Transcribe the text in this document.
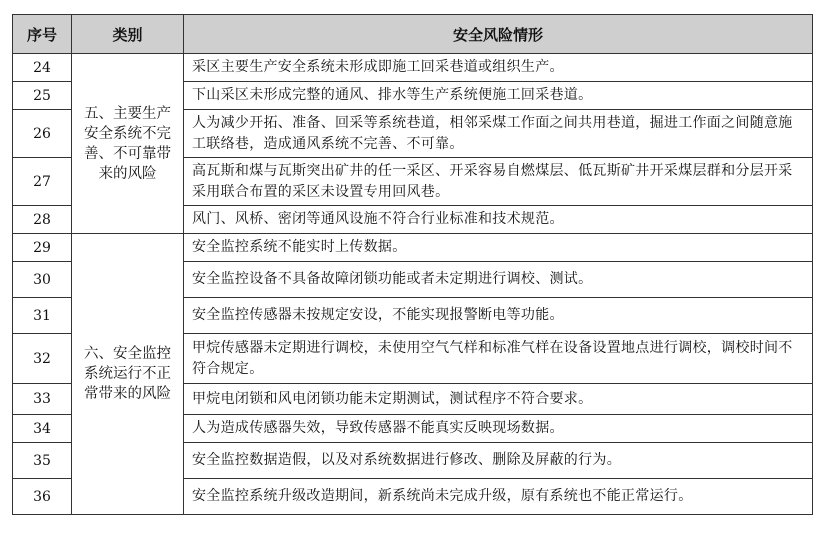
序号	类别	安全风险情形
24	五、主要生产安全系统不完善、不可靠带来的风险	采区主要生产安全系统未形成即施工回采巷道或组织生产。
25		下山采区未形成完整的通风、排水等生产系统便施工回采巷道。
26		人为减少开拓、准备、回采等系统巷道，相邻采煤工作面之间共用巷道，掘进工作面之间随意施工联络巷，造成通风系统不完善、不可靠。
27		高瓦斯和煤与瓦斯突出矿井的任一采区、开采容易自燃煤层、低瓦斯矿井开采煤层群和分层开采采用联合布置的采区未设置专用回风巷。
28		风门、风桥、密闭等通风设施不符合行业标准和技术规范。
29	六、安全监控系统运行不正常带来的风险	安全监控系统不能实时上传数据。
30		安全监控设备不具备故障闭锁功能或者未定期进行调校、测试。
31		安全监控传感器未按规定安设，不能实现报警断电等功能。
32		甲烷传感器未定期进行调校，未使用空气气样和标准气样在设备设置地点进行调校，调校时间不符合规定。
33		甲烷电闭锁和风电闭锁功能未定期测试，测试程序不符合要求。
34		人为造成传感器失效，导致传感器不能真实反映现场数据。
35		安全监控数据造假，以及对系统数据进行修改、删除及屏蔽的行为。
36		安全监控系统升级改造期间，新系统尚未完成升级，原有系统也不能正常运行。
